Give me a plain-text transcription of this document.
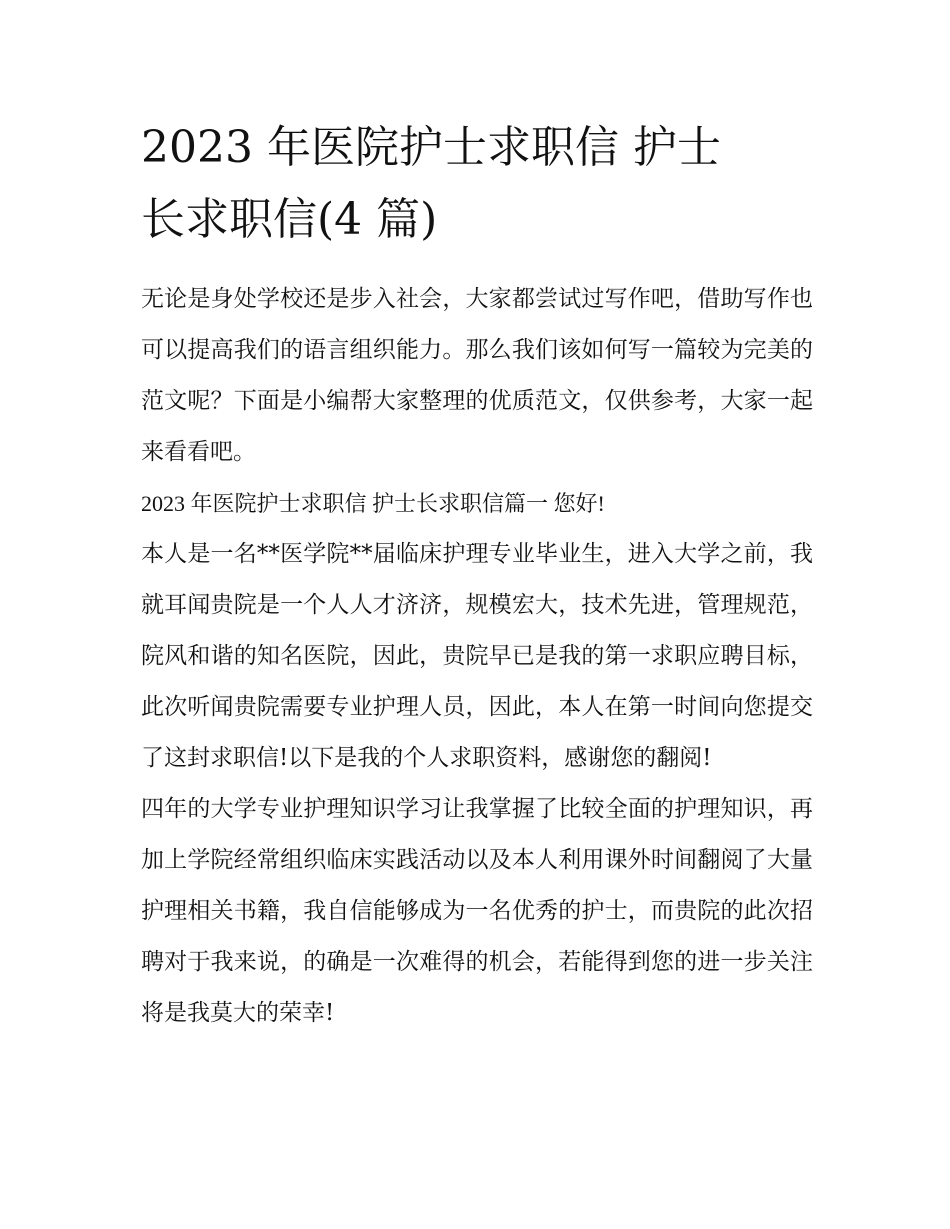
2023 年医院护士求职信 护士
长求职信(4 篇)

无论是身处学校还是步入社会，大家都尝试过写作吧，借助写作也可以提高我们的语言组织能力。那么我们该如何写一篇较为完美的范文呢？下面是小编帮大家整理的优质范文，仅供参考，大家一起来看看吧。

2023 年医院护士求职信 护士长求职信篇一 您好!

本人是一名**医学院**届临床护理专业毕业生，进入大学之前，我就耳闻贵院是一个人人才济济，规模宏大，技术先进，管理规范，院风和谐的知名医院，因此，贵院早已是我的第一求职应聘目标，此次听闻贵院需要专业护理人员，因此，本人在第一时间向您提交了这封求职信!以下是我的个人求职资料，感谢您的翻阅!

四年的大学专业护理知识学习让我掌握了比较全面的护理知识，再加上学院经常组织临床实践活动以及本人利用课外时间翻阅了大量护理相关书籍，我自信能够成为一名优秀的护士，而贵院的此次招聘对于我来说，的确是一次难得的机会，若能得到您的进一步关注将是我莫大的荣幸!
